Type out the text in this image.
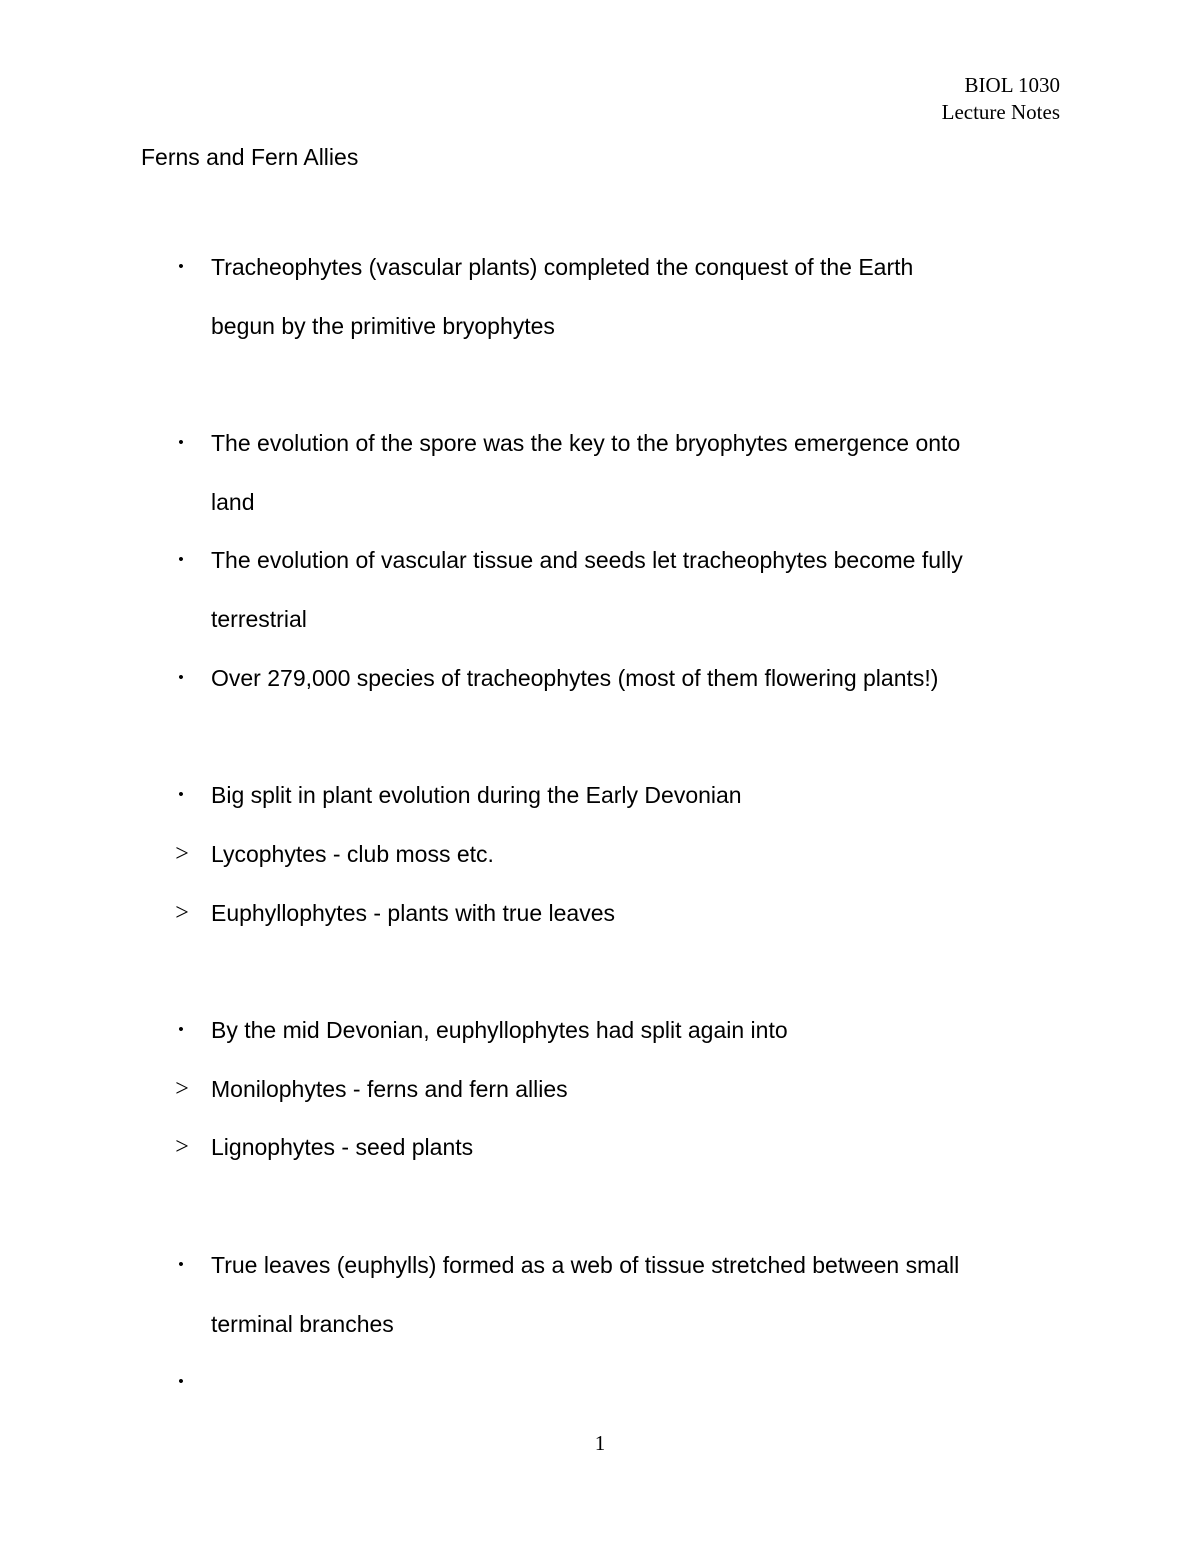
BIOL 1030
Lecture Notes
Ferns and Fern Allies
•	Tracheophytes (vascular plants) completed the conquest of the Earth
begun by the primitive bryophytes
•	The evolution of the spore was the key to the bryophytes emergence onto
land
•	The evolution of vascular tissue and seeds let tracheophytes become fully
terrestrial
•	Over 279,000 species of tracheophytes (most of them flowering plants!)
•	Big split in plant evolution during the Early Devonian
> Lycophytes - club moss etc.
> Euphyllophytes - plants with true leaves
•	By the mid Devonian, euphyllophytes had split again into
> Monilophytes - ferns and fern allies
> Lignophytes - seed plants
•	True leaves (euphylls) formed as a web of tissue stretched between small
terminal branches
•
1
